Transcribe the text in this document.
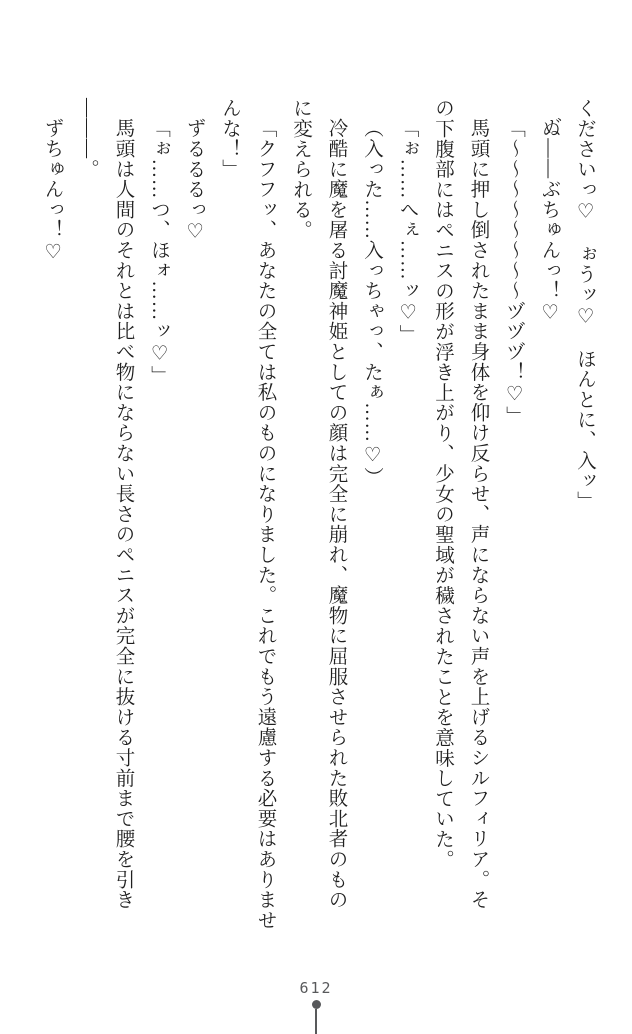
くださいっ♡　ぉうッ♡　ほんとに、入ッ」

ぬ゙――ぶちゅんっ！♡

「～～～～～～～～ヅヅヅ！♡」

馬頭に押し倒されたまま身体を仰け反らせ、声にならない声を上げるシルフィリア。そ

の下腹部にはペニスの形が浮き上がり、少女の聖域が穢されたことを意味していた。

「ぉ……へぇ……ッ♡」

（入った……入っちゃっ、たぁ……♡）

冷酷に魔を屠る討魔神姫としての顔は完全に崩れ、魔物に屈服させられた敗北者のもの

に変えられる。

「クフフッ、あなたの全ては私のものになりました。これでもう遠慮する必要はありませ

んな！」

ずるるるっ♡

「ぉ……つ、ほォ……ッ♡」

馬頭は人間のそれとは比べ物にならない長さのペニスが完全に抜ける寸前まで腰を引き

―――。

ずちゅんっ！♡

612
